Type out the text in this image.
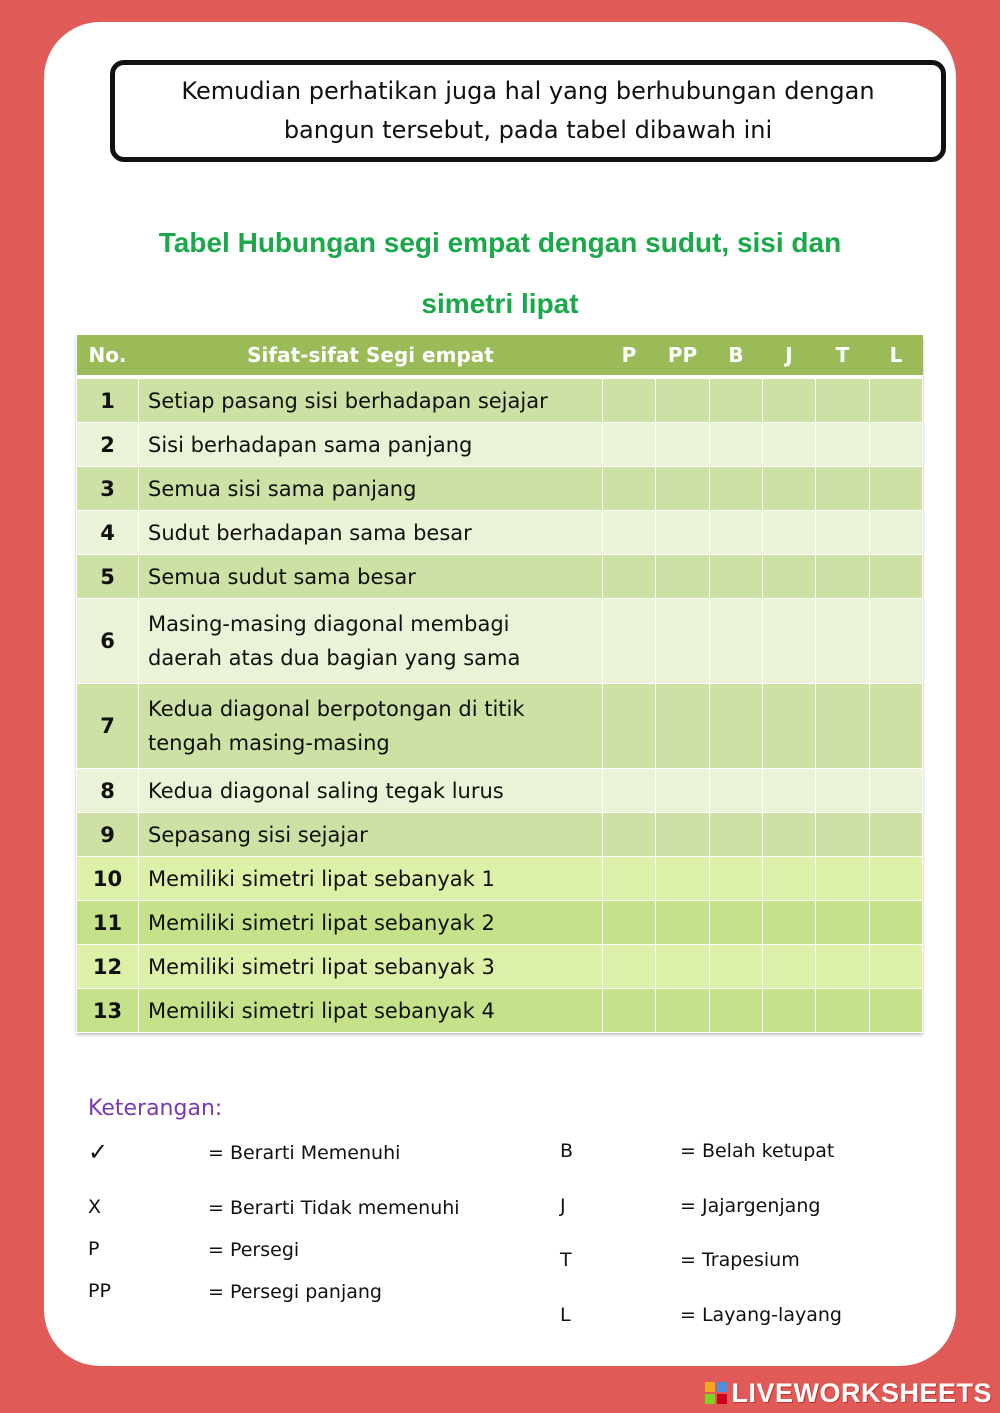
Kemudian perhatikan juga hal yang berhubungan dengan bangun tersebut, pada tabel dibawah ini
Tabel Hubungan segi empat dengan sudut, sisi dan
simetri lipat
No.	Sifat-sifat Segi empat	P	PP	B	J	T	L
1	Setiap pasang sisi berhadapan sejajar						
2	Sisi berhadapan sama panjang						
3	Semua sisi sama panjang						
4	Sudut berhadapan sama besar						
5	Semua sudut sama besar						
6	Masing-masing diagonal membagi
daerah atas dua bagian yang sama						

7	Kedua diagonal berpotongan di titik
tengah masing-masing						

8	Kedua diagonal saling tegak lurus						
9	Sepasang sisi sejajar						
10	Memiliki simetri lipat sebanyak 1						
11	Memiliki simetri lipat sebanyak 2						
12	Memiliki simetri lipat sebanyak 3						
13	Memiliki simetri lipat sebanyak 4						
Keterangan:
✓	= Berarti Memenuhi
X	= Berarti Tidak memenuhi
P	= Persegi
PP	= Persegi panjang
B	= Belah ketupat
J	= Jajargenjang
T	= Trapesium
L	= Layang-layang
LIVEWORKSHEETS
